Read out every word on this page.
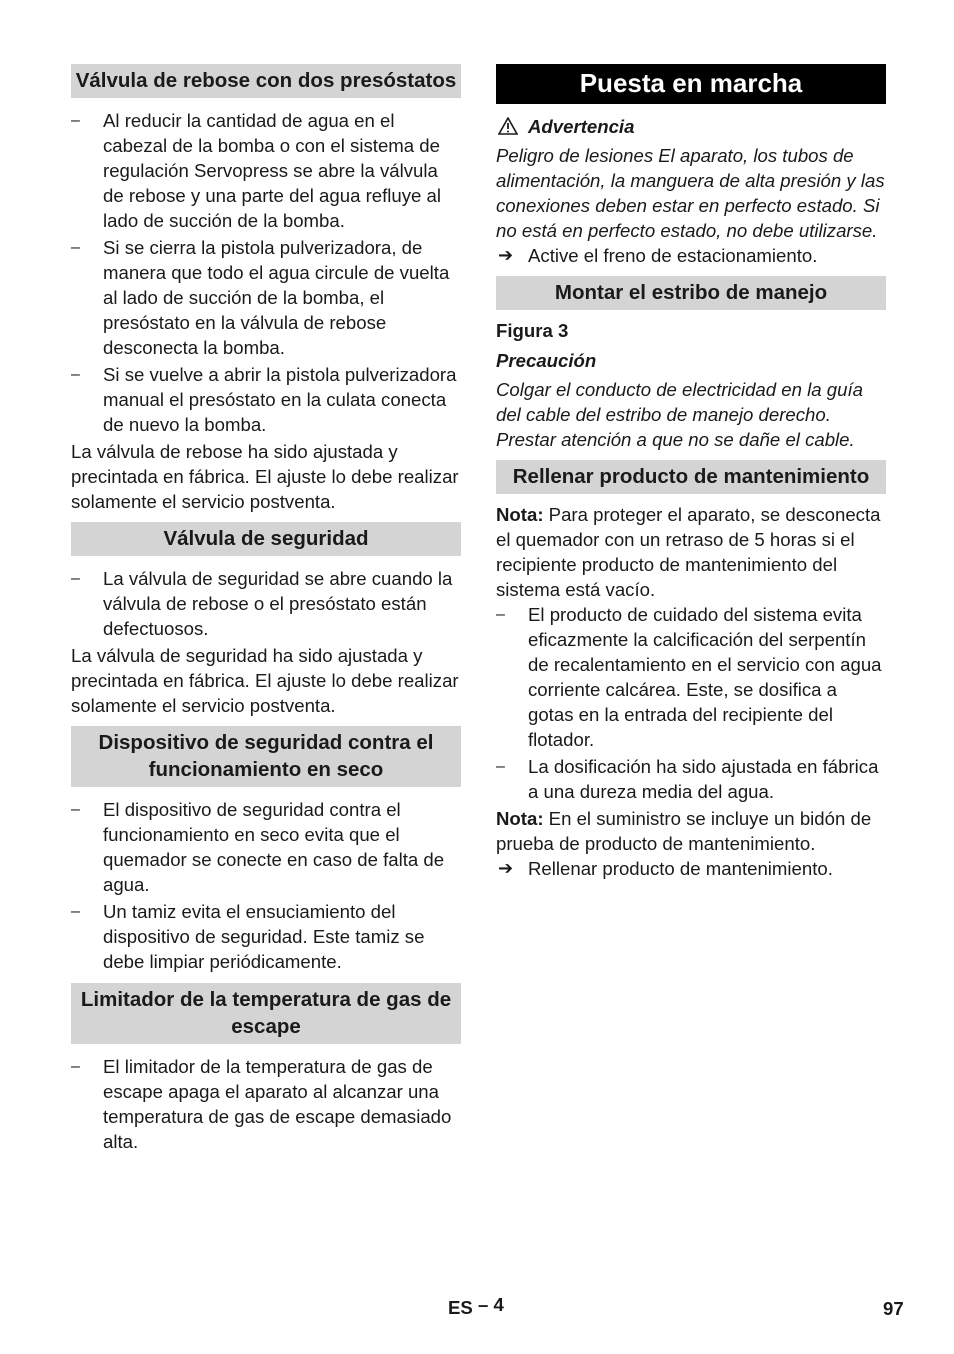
Válvula de rebose con dos presóstatos
– Al reducir la cantidad de agua en el cabezal de la bomba o con el sistema de regulación Servopress se abre la válvula de rebose y una parte del agua refluye al lado de succión de la bomba.
– Si se cierra la pistola pulverizadora, de manera que todo el agua circule de vuelta al lado de succión de la bomba, el presóstato en la válvula de rebose desconecta la bomba.
– Si se vuelve a abrir la pistola pulverizadora manual el presóstato en la culata conecta de nuevo la bomba.

La válvula de rebose ha sido ajustada y precintada en fábrica. El ajuste lo debe realizar solamente el servicio postventa.

Válvula de seguridad
– La válvula de seguridad se abre cuando la válvula de rebose o el presóstato están defectuosos.

La válvula de seguridad ha sido ajustada y precintada en fábrica. El ajuste lo debe realizar solamente el servicio postventa.

Dispositivo de seguridad contra el funcionamiento en seco
– El dispositivo de seguridad contra el funcionamiento en seco evita que el quemador se conecte en caso de falta de agua.
– Un tamiz evita el ensuciamiento del dispositivo de seguridad. Este tamiz se debe limpiar periódicamente.
Limitador de la temperatura de gas de escape
– El limitador de la temperatura de gas de escape apaga el aparato al alcanzar una temperatura de gas de escape demasiado alta.
Puesta en marcha
Advertencia

Peligro de lesiones El aparato, los tubos de alimentación, la manguera de alta presión y las conexiones deben estar en perfecto estado. Si no está en perfecto estado, no debe utilizarse.

➔ Active el freno de estacionamiento.
Montar el estribo de manejo

Figura 3

Precaución

Colgar el conducto de electricidad en la guía del cable del estribo de manejo derecho. Prestar atención a que no se dañe el cable.

Rellenar producto de mantenimiento

Nota: Para proteger el aparato, se desconecta el quemador con un retraso de 5 horas si el recipiente producto de mantenimiento del sistema está vacío.

– El producto de cuidado del sistema evita eficazmente la calcificación del serpentín de recalentamiento en el servicio con agua corriente calcárea. Este, se dosifica a gotas en la entrada del recipiente del flotador.
– La dosificación ha sido ajustada en fábrica a una dureza media del agua.

Nota: En el suministro se incluye un bidón de prueba de producto de mantenimiento.

➔ Rellenar producto de mantenimiento.
ES – 4	97
